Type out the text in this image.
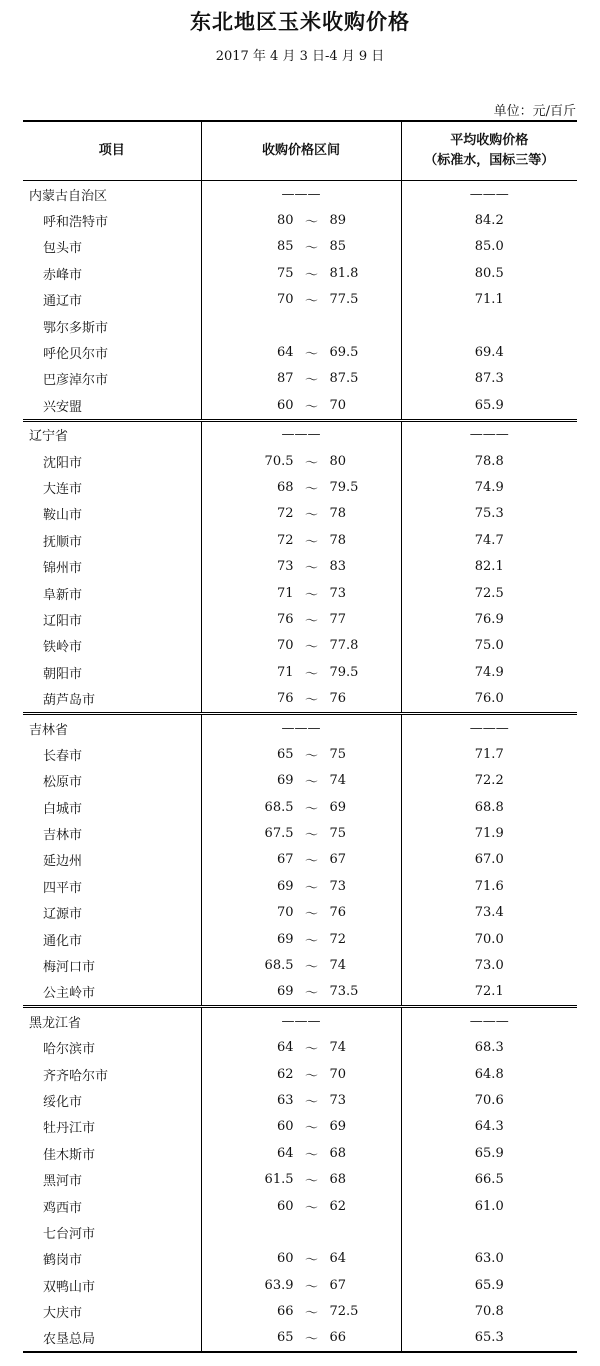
东北地区玉米收购价格
2017 年 4 月 3 日-4 月 9 日
单位：元/百斤
项目	收购价格区间	平均收购价格
（标准水，国标三等）

内蒙古自治区	———	———
呼和浩特市	80 ～ 89	84.2
包头市	85 ～ 85	85.0
赤峰市	75 ～ 81.8	80.5
通辽市	70 ～ 77.5	71.1
鄂尔多斯市	

呼伦贝尔市	64 ～ 69.5	69.4
巴彦淖尔市	87 ～ 87.5	87.3
兴安盟	60 ～ 70	65.9
辽宁省	———	———
沈阳市	70.5 ～ 80	78.8
大连市	68 ～ 79.5	74.9
鞍山市	72 ～ 78	75.3
抚顺市	72 ～ 78	74.7
锦州市	73 ～ 83	82.1
阜新市	71 ～ 73	72.5
辽阳市	76 ～ 77	76.9
铁岭市	70 ～ 77.8	75.0
朝阳市	71 ～ 79.5	74.9
葫芦岛市	76 ～ 76	76.0
吉林省	———	———
长春市	65 ～ 75	71.7
松原市	69 ～ 74	72.2
白城市	68.5 ～ 69	68.8
吉林市	67.5 ～ 75	71.9
延边州	67 ～ 67	67.0
四平市	69 ～ 73	71.6
辽源市	70 ～ 76	73.4
通化市	69 ～ 72	70.0
梅河口市	68.5 ～ 74	73.0
公主岭市	69 ～ 73.5	72.1
黑龙江省	———	———
哈尔滨市	64 ～ 74	68.3
齐齐哈尔市	62 ～ 70	64.8
绥化市	63 ～ 73	70.6
牡丹江市	60 ～ 69	64.3
佳木斯市	64 ～ 68	65.9
黑河市	61.5 ～ 68	66.5
鸡西市	60 ～ 62	61.0
七台河市	

鹤岗市	60 ～ 64	63.0
双鸭山市	63.9 ～ 67	65.9
大庆市	66 ～ 72.5	70.8
农垦总局	65 ～ 66	65.3
